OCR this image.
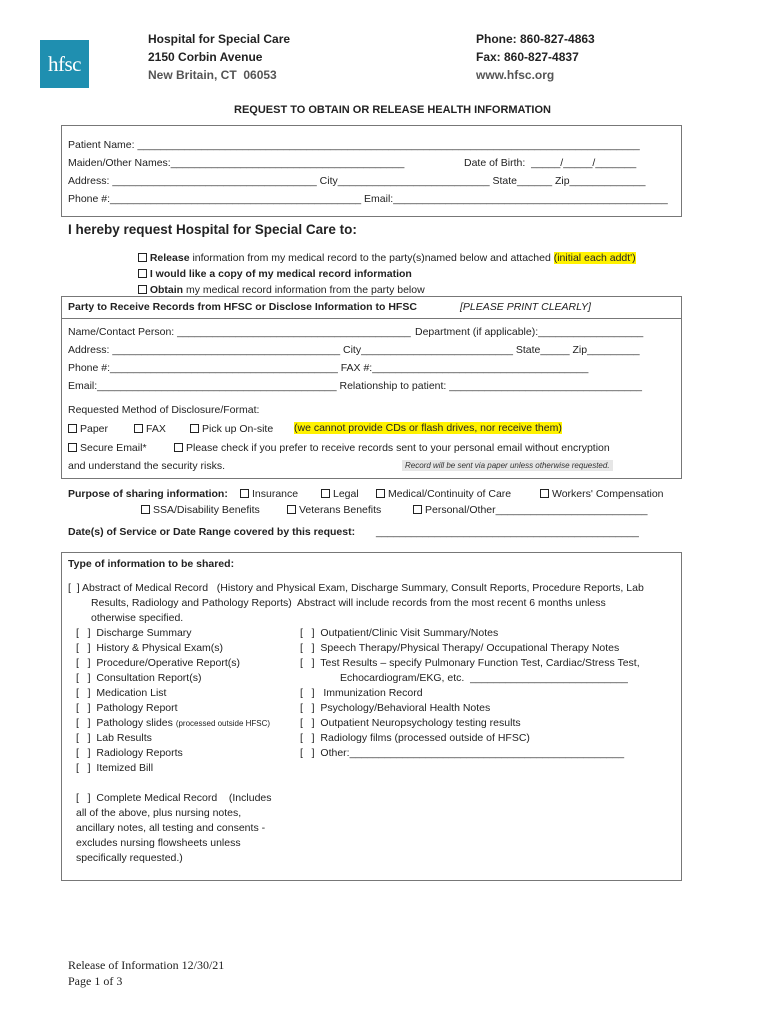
hfsc
Hospital for Special Care
2150 Corbin Avenue
New Britain, CT  06053
Phone: 860-827-4863
Fax: 860-827-4837
www.hfsc.org
REQUEST TO OBTAIN OR RELEASE HEALTH INFORMATION
Patient Name: ______________________________________________________________________________________
Maiden/Other Names:________________________________________	Date of Birth:  _____/_____/_______
Address: ___________________________________ City__________________________ State______ Zip_____________
Phone #:___________________________________________ Email:_______________________________________________
I hereby request Hospital for Special Care to:

Release information from my medical record to the party(s)named below and attached (initial each addt')

I would like a copy of my medical record information

Obtain my medical record information from the party below

Party to Receive Records from HFSC or Disclose Information to HFSC	[PLEASE PRINT CLEARLY]
Name/Contact Person: ________________________________________ Department (if applicable):__________________
Address: _______________________________________ City__________________________ State_____ Zip_________
Phone #:_______________________________________ FAX #:_____________________________________
Email:_________________________________________ Relationship to patient: _________________________________
Requested Method of Disclosure/Format:
Paper	FAX	Pick up On-site (we cannot provide CDs or flash drives, nor receive them)
Secure Email*	Please check if you prefer to receive records sent to your personal email without encryption
and understand the security risks.	Record will be sent via paper unless otherwise requested.
Purpose of sharing information:	Insurance	Legal	Medical/Continuity of Care	Workers' Compensation
SSA/Disability Benefits	Veterans Benefits	Personal/Other__________________________
Date(s) of Service or Date Range covered by this request: _____________________________________________
Type of information to be shared:
[  ] Abstract of Medical Record   (History and Physical Exam, Discharge Summary, Consult Reports, Procedure Reports, Lab
Results, Radiology and Pathology Reports)  Abstract will include records from the most recent 6 months unless
otherwise specified.
[   ]  Discharge Summary
[   ]  History & Physical Exam(s)
[   ]  Procedure/Operative Report(s)
[   ]  Consultation Report(s)
[   ]  Medication List
[   ]  Pathology Report
[   ]  Pathology slides (processed outside HFSC)
[   ]  Lab Results
[   ]  Radiology Reports
[   ]  Itemized Bill
[   ]  Outpatient/Clinic Visit Summary/Notes
[   ]  Speech Therapy/Physical Therapy/ Occupational Therapy Notes
[   ]  Test Results – specify Pulmonary Function Test, Cardiac/Stress Test,
Echocardiogram/EKG, etc.  ___________________________
[   ]   Immunization Record
[   ]  Psychology/Behavioral Health Notes
[   ]  Outpatient Neuropsychology testing results
[   ]  Radiology films (processed outside of HFSC)
[   ]  Other:_______________________________________________
[   ]  Complete Medical Record    (Includes
all of the above, plus nursing notes,
ancillary notes, all testing and consents -
excludes nursing flowsheets unless
specifically requested.)
Release of Information 12/30/21
Page 1 of 3
